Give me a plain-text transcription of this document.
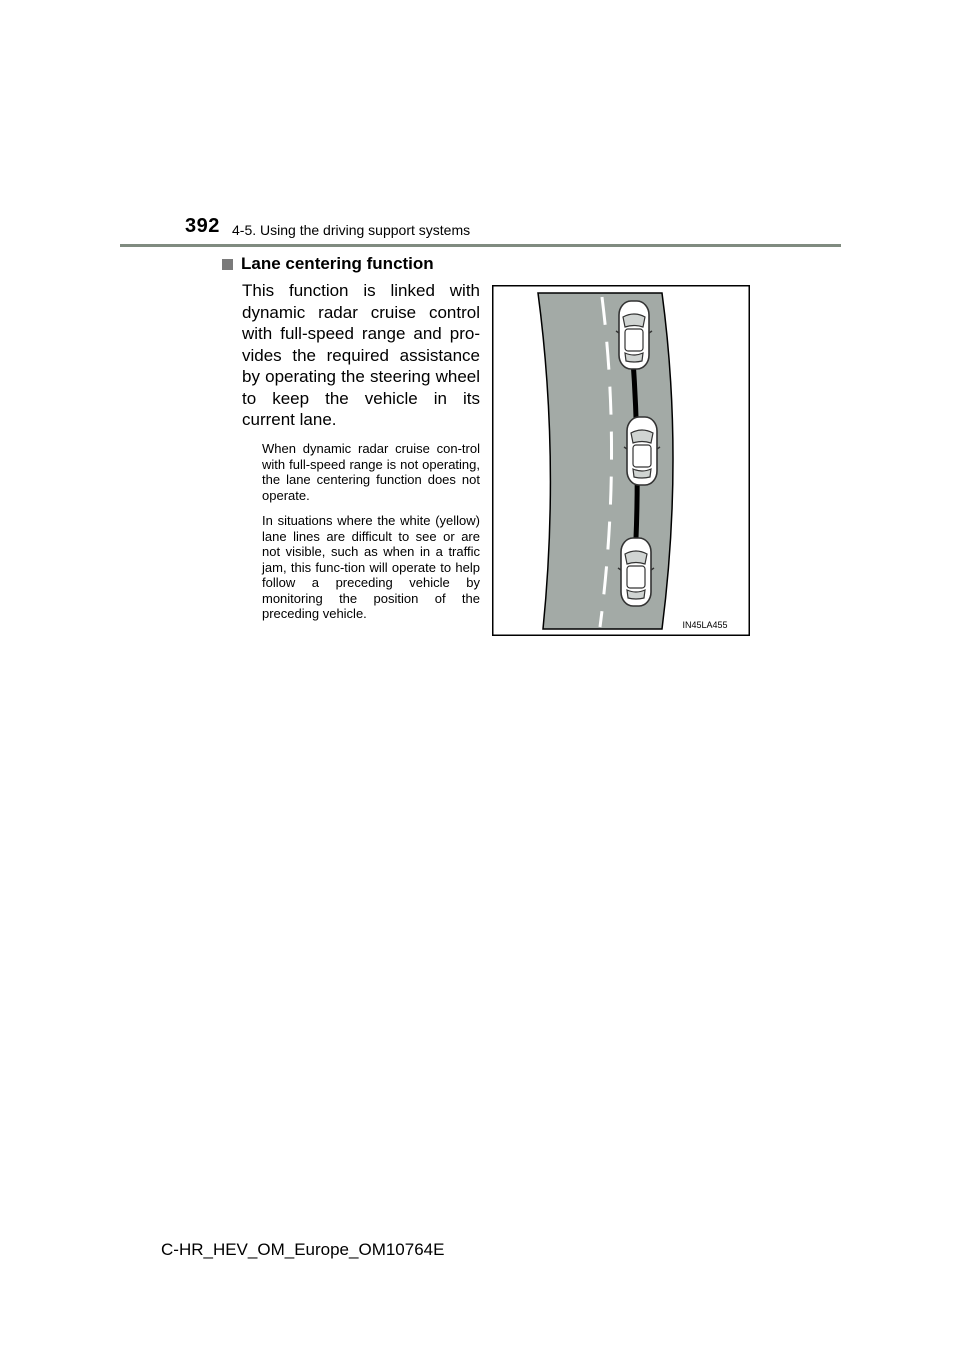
392 4-5. Using the driving support systems
Lane centering function
This function is linked with dynamic radar cruise control with full-speed range and pro-vides the required assistance by operating the steering wheel to keep the vehicle in its current lane.

When dynamic radar cruise con-trol with full-speed range is not operating, the lane centering function does not operate.

In situations where the white (yellow) lane lines are difficult to see or are not visible, such as when in a traffic jam, this func-tion will operate to help follow a preceding vehicle by monitoring the position of the preceding vehicle.

IN45LA455
C-HR_HEV_OM_Europe_OM10764E
